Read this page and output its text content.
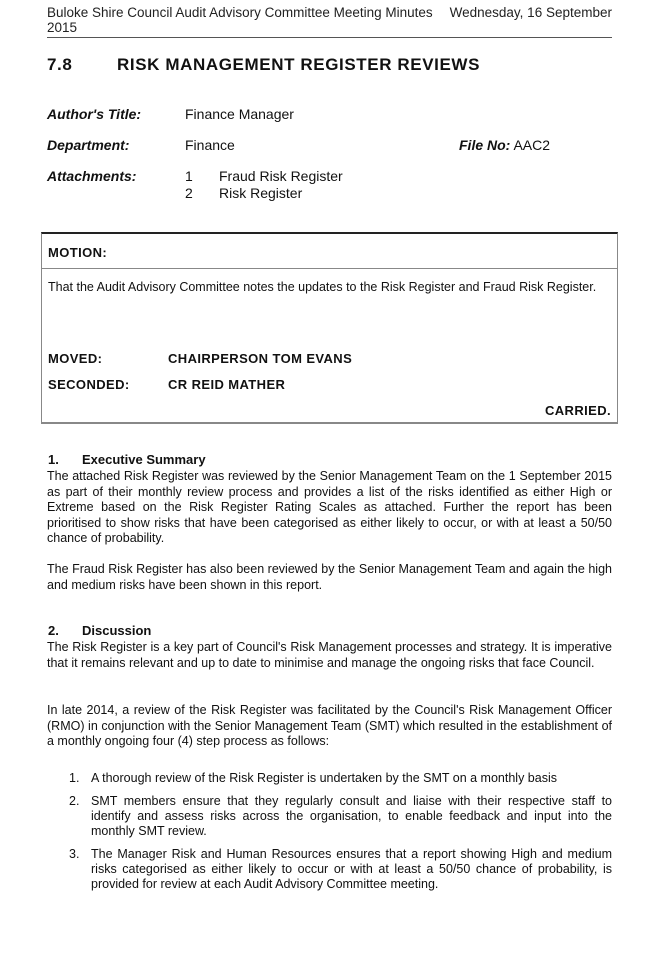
Buloke Shire Council Audit Advisory Committee Meeting Minutes Wednesday, 16 September
2015
7.8	RISK MANAGEMENT REGISTER REVIEWS
Author's Title:	Finance Manager
Department:	Finance	File No: AAC2
Attachments:	1	Fraud Risk Register
2	Risk Register
MOTION:
That the Audit Advisory Committee notes the updates to the Risk Register and Fraud Risk Register.
MOVED:	CHAIRPERSON TOM EVANS
SECONDED:	CR REID MATHER
CARRIED.
1. Executive Summary
The attached Risk Register was reviewed by the Senior Management Team on the 1 September 2015 as part of their monthly review process and provides a list of the risks identified as either High or Extreme based on the Risk Register Rating Scales as attached. Further the report has been prioritised to show risks that have been categorised as either likely to occur, or with at least a 50/50 chance of probability.
The Fraud Risk Register has also been reviewed by the Senior Management Team and again the high and medium risks have been shown in this report.
2. Discussion
The Risk Register is a key part of Council's Risk Management processes and strategy. It is imperative that it remains relevant and up to date to minimise and manage the ongoing risks that face Council.
In late 2014, a review of the Risk Register was facilitated by the Council's Risk Management Officer (RMO) in conjunction with the Senior Management Team (SMT) which resulted in the establishment of a monthly ongoing four (4) step process as follows:
1. A thorough review of the Risk Register is undertaken by the SMT on a monthly basis
2. SMT members ensure that they regularly consult and liaise with their respective staff to identify and assess risks across the organisation, to enable feedback and input into the monthly SMT review.
3. The Manager Risk and Human Resources ensures that a report showing High and medium risks categorised as either likely to occur or with at least a 50/50 chance of probability, is provided for review at each Audit Advisory Committee meeting.
